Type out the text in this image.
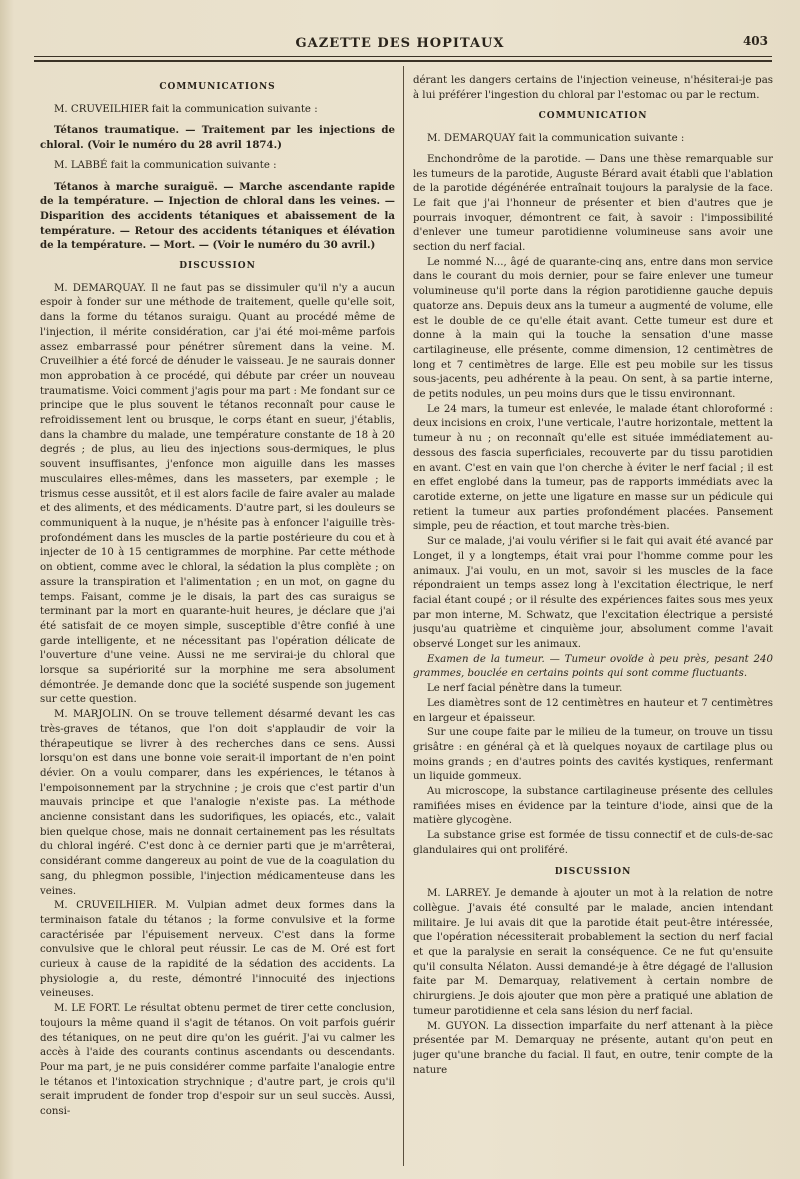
GAZETTE DES HOPITAUX	403
COMMUNICATIONS

M. CRUVEILHIER fait la communication suivante :

Tétanos traumatique. — Traitement par les injections de chloral. (Voir le numéro du 28 avril 1874.)

M. LABBÉ fait la communication suivante :

Tétanos à marche suraiguë. — Marche ascendante rapide de la température. — Injection de chloral dans les veines. — Disparition des accidents tétaniques et abaissement de la température. — Retour des accidents tétaniques et élévation de la température. — Mort. — (Voir le numéro du 30 avril.)

DISCUSSION

M. DEMARQUAY. Il ne faut pas se dissimuler qu'il n'y a aucun espoir à fonder sur une méthode de traitement, quelle qu'elle soit, dans la forme du tétanos suraigu. Quant au procédé même de l'injection, il mérite considération, car j'ai été moi-même parfois assez embarrassé pour pénétrer sûrement dans la veine. M. Cruveilhier a été forcé de dénuder le vaisseau. Je ne saurais donner mon approbation à ce procédé, qui débute par créer un nouveau traumatisme. Voici comment j'agis pour ma part : Me fondant sur ce principe que le plus souvent le tétanos reconnaît pour cause le refroidissement lent ou brusque, le corps étant en sueur, j'établis, dans la chambre du malade, une température constante de 18 à 20 degrés ; de plus, au lieu des injections sous-dermiques, le plus souvent insuffisantes, j'enfonce mon aiguille dans les masses musculaires elles-mêmes, dans les masseters, par exemple ; le trismus cesse aussitôt, et il est alors facile de faire avaler au malade et des aliments, et des médicaments. D'autre part, si les douleurs se communiquent à la nuque, je n'hésite pas à enfoncer l'aiguille très-profondément dans les muscles de la partie postérieure du cou et à injecter de 10 à 15 centigrammes de morphine. Par cette méthode on obtient, comme avec le chloral, la sédation la plus complète ; on assure la transpiration et l'alimentation ; en un mot, on gagne du temps. Faisant, comme je le disais, la part des cas suraigus se terminant par la mort en quarante-huit heures, je déclare que j'ai été satisfait de ce moyen simple, susceptible d'être confié à une garde intelligente, et ne nécessitant pas l'opération délicate de l'ouverture d'une veine. Aussi ne me servirai-je du chloral que lorsque sa supériorité sur la morphine me sera absolument démontrée. Je demande donc que la société suspende son jugement sur cette question.

M. MARJOLIN. On se trouve tellement désarmé devant les cas très-graves de tétanos, que l'on doit s'applaudir de voir la thérapeutique se livrer à des recherches dans ce sens. Aussi lorsqu'on est dans une bonne voie serait-il important de n'en point dévier. On a voulu comparer, dans les expériences, le tétanos à l'empoisonnement par la strychnine ; je crois que c'est partir d'un mauvais principe et que l'analogie n'existe pas. La méthode ancienne consistant dans les sudorifiques, les opiacés, etc., valait bien quelque chose, mais ne donnait certainement pas les résultats du chloral ingéré. C'est donc à ce dernier parti que je m'arrêterai, considérant comme dangereux au point de vue de la coagulation du sang, du phlegmon possible, l'injection médicamenteuse dans les veines.

M. CRUVEILHIER. M. Vulpian admet deux formes dans la terminaison fatale du tétanos ; la forme convulsive et la forme caractérisée par l'épuisement nerveux. C'est dans la forme convulsive que le chloral peut réussir. Le cas de M. Oré est fort curieux à cause de la rapidité de la sédation des accidents. La physiologie a, du reste, démontré l'innocuité des injections veineuses.

M. LE FORT. Le résultat obtenu permet de tirer cette conclusion, toujours la même quand il s'agit de tétanos. On voit parfois guérir des tétaniques, on ne peut dire qu'on les guérit. J'ai vu calmer les accès à l'aide des courants continus ascendants ou descendants. Pour ma part, je ne puis considérer comme parfaite l'analogie entre le tétanos et l'intoxication strychnique ; d'autre part, je crois qu'il serait imprudent de fonder trop d'espoir sur un seul succès. Aussi, consi-

dérant les dangers certains de l'injection veineuse, n'hésiterai-je pas à lui préférer l'ingestion du chloral par l'estomac ou par le rectum.

COMMUNICATION

M. DEMARQUAY fait la communication suivante :

Enchondrôme de la parotide. — Dans une thèse remarquable sur les tumeurs de la parotide, Auguste Bérard avait établi que l'ablation de la parotide dégénérée entraînait toujours la paralysie de la face. Le fait que j'ai l'honneur de présenter et bien d'autres que je pourrais invoquer, démontrent ce fait, à savoir : l'impossibilité d'enlever une tumeur parotidienne volumineuse sans avoir une section du nerf facial.

Le nommé N..., âgé de quarante-cinq ans, entre dans mon service dans le courant du mois dernier, pour se faire enlever une tumeur volumineuse qu'il porte dans la région parotidienne gauche depuis quatorze ans. Depuis deux ans la tumeur a augmenté de volume, elle est le double de ce qu'elle était avant. Cette tumeur est dure et donne à la main qui la touche la sensation d'une masse cartilagineuse, elle présente, comme dimension, 12 centimètres de long et 7 centimètres de large. Elle est peu mobile sur les tissus sous-jacents, peu adhérente à la peau. On sent, à sa partie interne, de petits nodules, un peu moins durs que le tissu environnant.

Le 24 mars, la tumeur est enlevée, le malade étant chloroformé : deux incisions en croix, l'une verticale, l'autre horizontale, mettent la tumeur à nu ; on reconnaît qu'elle est située immédiatement au-dessous des fascia superficiales, recouverte par du tissu parotidien en avant. C'est en vain que l'on cherche à éviter le nerf facial ; il est en effet englobé dans la tumeur, pas de rapports immédiats avec la carotide externe, on jette une ligature en masse sur un pédicule qui retient la tumeur aux parties profondément placées. Pansement simple, peu de réaction, et tout marche très-bien.

Sur ce malade, j'ai voulu vérifier si le fait qui avait été avancé par Longet, il y a longtemps, était vrai pour l'homme comme pour les animaux. J'ai voulu, en un mot, savoir si les muscles de la face répondraient un temps assez long à l'excitation électrique, le nerf facial étant coupé ; or il résulte des expériences faites sous mes yeux par mon interne, M. Schwatz, que l'excitation électrique a persisté jusqu'au quatrième et cinquième jour, absolument comme l'avait observé Longet sur les animaux.

Examen de la tumeur. — Tumeur ovoïde à peu près, pesant 240 grammes, bouclée en certains points qui sont comme fluctuants.

Le nerf facial pénètre dans la tumeur.

Les diamètres sont de 12 centimètres en hauteur et 7 centimètres en largeur et épaisseur.

Sur une coupe faite par le milieu de la tumeur, on trouve un tissu grisâtre : en général çà et là quelques noyaux de cartilage plus ou moins grands ; en d'autres points des cavités kystiques, renfermant un liquide gommeux.

Au microscope, la substance cartilagineuse présente des cellules ramifiées mises en évidence par la teinture d'iode, ainsi que de la matière glycogène.

La substance grise est formée de tissu connectif et de culs-de-sac glandulaires qui ont proliféré.

DISCUSSION

M. LARREY. Je demande à ajouter un mot à la relation de notre collègue. J'avais été consulté par le malade, ancien intendant militaire. Je lui avais dit que la parotide était peut-être intéressée, que l'opération nécessiterait probablement la section du nerf facial et que la paralysie en serait la conséquence. Ce ne fut qu'ensuite qu'il consulta Nélaton. Aussi demandé-je à être dégagé de l'allusion faite par M. Demarquay, relativement à certain nombre de chirurgiens. Je dois ajouter que mon père a pratiqué une ablation de tumeur parotidienne et cela sans lésion du nerf facial.

M. GUYON. La dissection imparfaite du nerf attenant à la pièce présentée par M. Demarquay ne présente, autant qu'on peut en juger qu'une branche du facial. Il faut, en outre, tenir compte de la nature
